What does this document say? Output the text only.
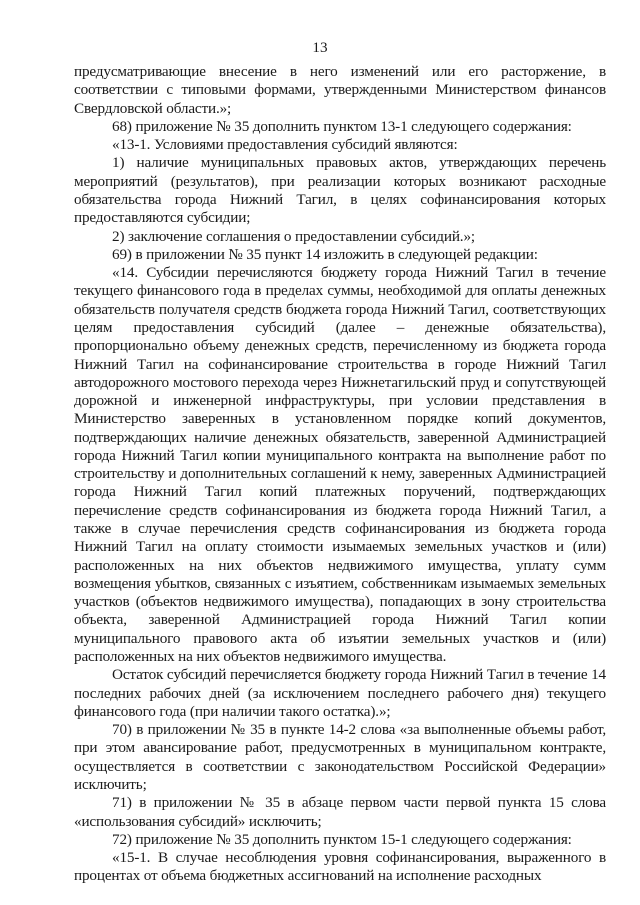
13

предусматривающие внесение в него изменений или его расторжение, в соответствии с типовыми формами, утвержденными Министерством финансов Свердловской области.»;

68) приложение № 35 дополнить пунктом 13-1 следующего содержания:

«13-1. Условиями предоставления субсидий являются:

1) наличие муниципальных правовых актов, утверждающих перечень мероприятий (результатов), при реализации которых возникают расходные обязательства города Нижний Тагил, в целях софинансирования которых предоставляются субсидии;

2) заключение соглашения о предоставлении субсидий.»;

69) в приложении № 35 пункт 14 изложить в следующей редакции:

«14. Субсидии перечисляются бюджету города Нижний Тагил в течение текущего финансового года в пределах суммы, необходимой для оплаты денежных обязательств получателя средств бюджета города Нижний Тагил, соответствующих целям предоставления субсидий (далее – денежные обязательства), пропорционально объему денежных средств, перечисленному из бюджета города Нижний Тагил на софинансирование строительства в городе Нижний Тагил автодорожного мостового перехода через Нижнетагильский пруд и сопутствующей дорожной и инженерной инфраструктуры, при условии представления в Министерство заверенных в установленном порядке копий документов, подтверждающих наличие денежных обязательств, заверенной Администрацией города Нижний Тагил копии муниципального контракта на выполнение работ по строительству и дополнительных соглашений к нему, заверенных Администрацией города Нижний Тагил копий платежных поручений, подтверждающих перечисление средств софинансирования из бюджета города Нижний Тагил, а также в случае перечисления средств софинансирования из бюджета города Нижний Тагил на оплату стоимости изымаемых земельных участков и (или) расположенных на них объектов недвижимого имущества, уплату сумм возмещения убытков, связанных с изъятием, собственникам изымаемых земельных участков (объектов недвижимого имущества), попадающих в зону строительства объекта, заверенной Администрацией города Нижний Тагил копии муниципального правового акта об изъятии земельных участков и (или) расположенных на них объектов недвижимого имущества.

Остаток субсидий перечисляется бюджету города Нижний Тагил в течение 14 последних рабочих дней (за исключением последнего рабочего дня) текущего финансового года (при наличии такого остатка).»;

70) в приложении № 35 в пункте 14-2 слова «за выполненные объемы работ, при этом авансирование работ, предусмотренных в муниципальном контракте, осуществляется в соответствии с законодательством Российской Федерации» исключить;

71) в приложении № 35 в абзаце первом части первой пункта 15 слова «использования субсидий» исключить;

72) приложение № 35 дополнить пунктом 15-1 следующего содержания:

«15-1. В случае несоблюдения уровня софинансирования, выраженного в процентах от объема бюджетных ассигнований на исполнение расходных
